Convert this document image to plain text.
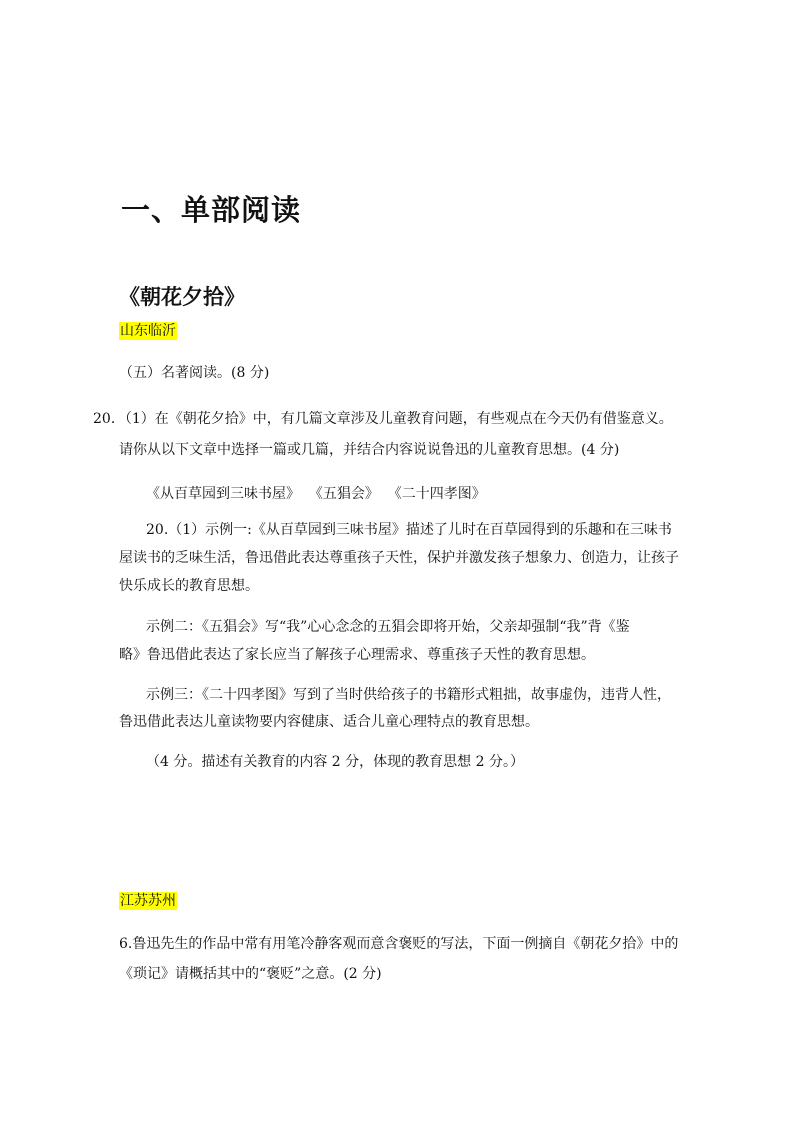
一、单部阅读
《朝花夕拾》
山东临沂
（五）名著阅读。(8 分)
20．（1）在《朝花夕拾》中，有几篇文章涉及儿童教育问题，有些观点在今天仍有借鉴意义。
请你从以下文章中选择一篇或几篇，并结合内容说说鲁迅的儿童教育思想。(4 分)
《从百草园到三味书屋》  《五猖会》  《二十四孝图》
20.（1）示例一:《从百草园到三味书屋》描述了儿时在百草园得到的乐趣和在三味书
屋读书的乏味生活，鲁迅借此表达尊重孩子天性，保护并激发孩子想象力、创造力，让孩子
快乐成长的教育思想。
示例二：《五猖会》写“我”心心念念的五猖会即将开始，父亲却强制“我”背《鉴
略》鲁迅借此表达了家长应当了解孩子心理需求、尊重孩子天性的教育思想。
示例三：《二十四孝图》写到了当时供给孩子的书籍形式粗拙，故事虚伪，违背人性，
鲁迅借此表达儿童读物要内容健康、适合儿童心理特点的教育思想。
（4 分。描述有关教育的内容 2 分，体现的教育思想 2 分。）
江苏苏州
6.鲁迅先生的作品中常有用笔冷静客观而意含褒贬的写法，下面一例摘自《朝花夕拾》中的
《琐记》请概括其中的“褒贬”之意。(2 分)
